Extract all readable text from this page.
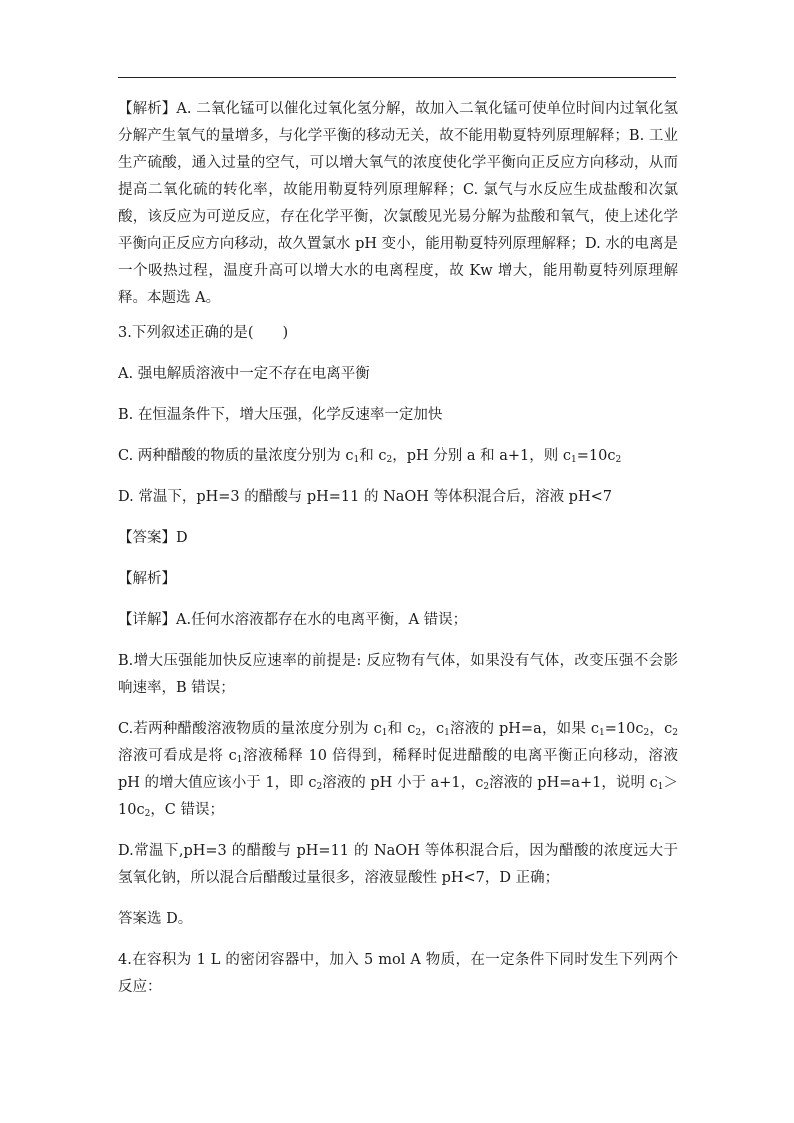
【解析】A. 二氧化锰可以催化过氧化氢分解，故加入二氧化锰可使单位时间内过氧化氢分解产生氧气的量增多，与化学平衡的移动无关，故不能用勒夏特列原理解释；B. 工业生产硫酸，通入过量的空气，可以增大氧气的浓度使化学平衡向正反应方向移动，从而提高二氧化硫的转化率，故能用勒夏特列原理解释；C. 氯气与水反应生成盐酸和次氯酸，该反应为可逆反应，存在化学平衡，次氯酸见光易分解为盐酸和氧气，使上述化学平衡向正反应方向移动，故久置氯水 pH 变小，能用勒夏特列原理解释；D. 水的电离是一个吸热过程，温度升高可以增大水的电离程度，故 Kw 增大，能用勒夏特列原理解释。本题选 A。

3.下列叙述正确的是(　　)

A. 强电解质溶液中一定不存在电离平衡

B. 在恒温条件下，增大压强，化学反速率一定加快

C. 两种醋酸的物质的量浓度分别为 $c_1$和 $c_2$，pH 分别 a 和 a+1，则 $c_1=10c_2$

D. 常温下，pH=3 的醋酸与 pH=11 的 NaOH 等体积混合后，溶液 pH<7

【答案】D

【解析】

【详解】A.任何水溶液都存在水的电离平衡，A 错误；

B.增大压强能加快反应速率的前提是: 反应物有气体，如果没有气体，改变压强不会影响速率，B 错误；

C.若两种醋酸溶液物质的量浓度分别为 $c_1$和 $c_2$，$c_1$溶液的 pH=a，如果 $c_1=10c_2$，$c_2$溶液可看成是将 $c_1$溶液稀释 10 倍得到，稀释时促进醋酸的电离平衡正向移动，溶液 pH 的增大值应该小于 1，即 $c_2$溶液的 pH 小于 a+1，$c_2$溶液的 pH=a+1，说明 $c_1>10c_2$，C 错误；

D.常温下,pH=3 的醋酸与 pH=11 的 NaOH 等体积混合后，因为醋酸的浓度远大于氢氧化钠，所以混合后醋酸过量很多，溶液显酸性 pH<7，D 正确；

答案选 D。

4.在容积为 1 L 的密闭容器中，加入 5 mol A 物质，在一定条件下同时发生下列两个反应：
